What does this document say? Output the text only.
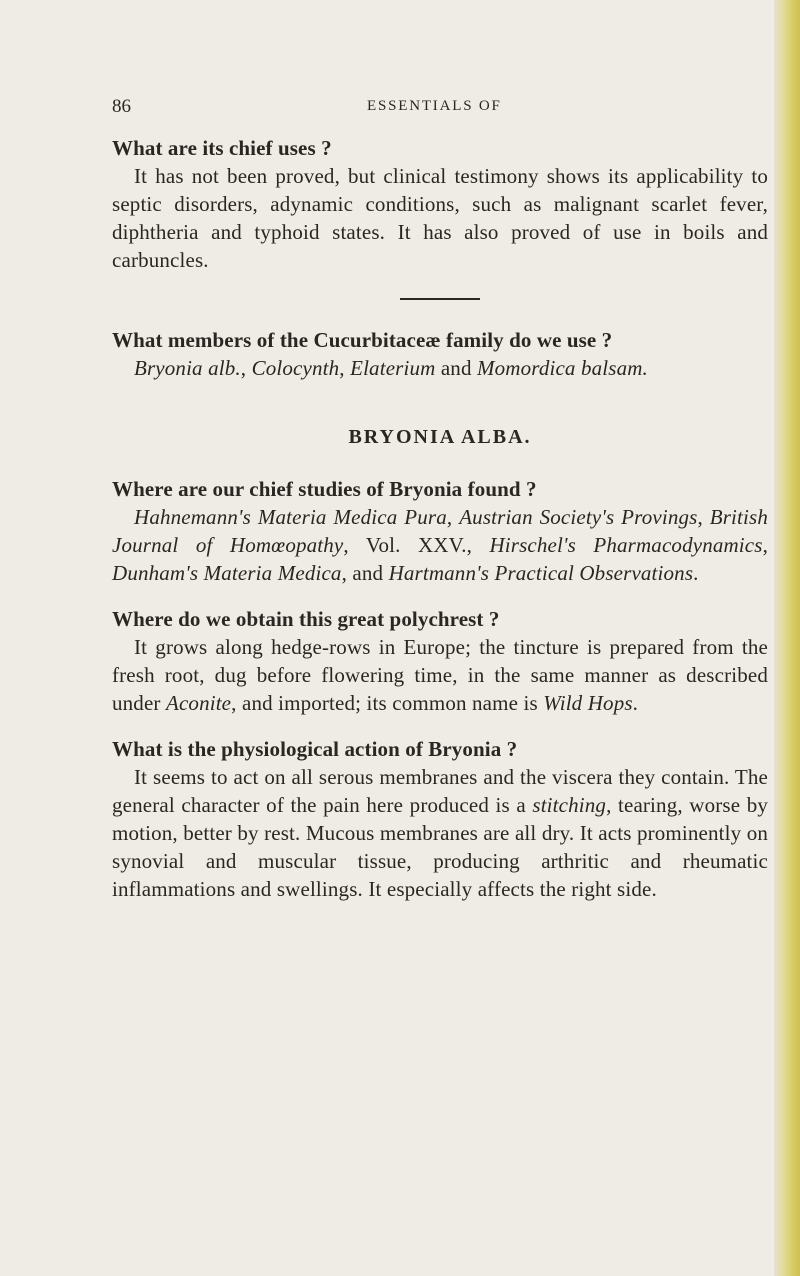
86	ESSENTIALS OF

What are its chief uses ?

It has not been proved, but clinical testimony shows its applicability to septic disorders, adynamic conditions, such as malignant scarlet fever, diphtheria and typhoid states. It has also proved of use in boils and carbuncles.

What members of the Cucurbitaceæ family do we use ?

Bryonia alb., Colocynth, Elaterium and Momordica balsam.

BRYONIA ALBA.

Where are our chief studies of Bryonia found ?

Hahnemann's Materia Medica Pura, Austrian Society's Provings, British Journal of Homœopathy, Vol. XXV., Hirschel's Pharmacodynamics, Dunham's Materia Medica, and Hartmann's Practical Observations.

Where do we obtain this great polychrest ?

It grows along hedge-rows in Europe; the tincture is prepared from the fresh root, dug before flowering time, in the same manner as described under Aconite, and imported; its common name is Wild Hops.

What is the physiological action of Bryonia ?

It seems to act on all serous membranes and the viscera they contain. The general character of the pain here produced is a stitching, tearing, worse by motion, better by rest. Mucous membranes are all dry. It acts prominently on synovial and muscular tissue, producing arthritic and rheumatic inflammations and swellings. It especially affects the right side.
